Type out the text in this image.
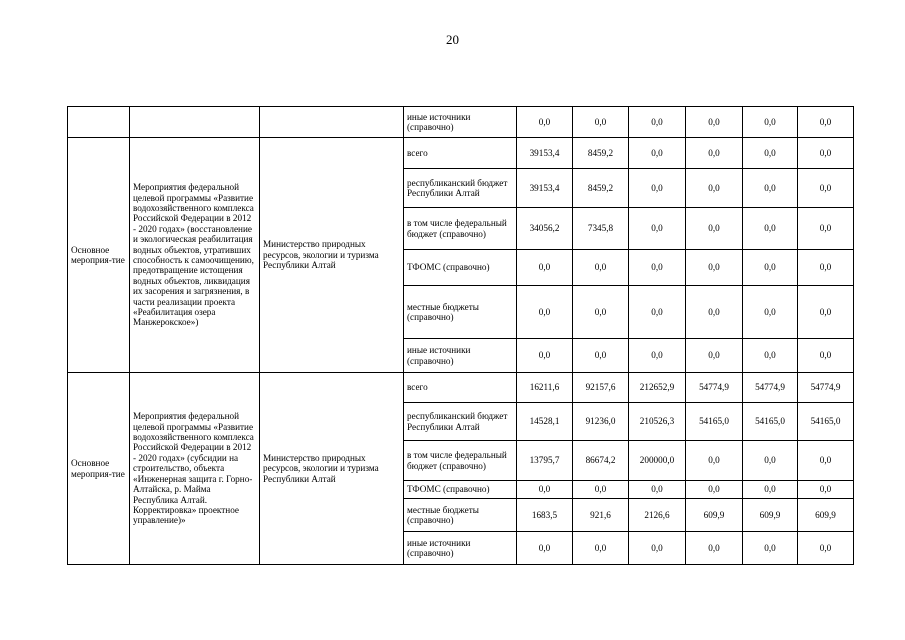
20
			иные источники (справочно)	0,0	0,0	0,0	0,0	0,0	0,0
Основное мероприя-тие	Мероприятия федеральной целевой программы «Развитие водохозяйственного комплекса Российской Федерации в 2012 - 2020 годах» (восстановление и экологическая реабилитация водных объектов, утративших способность к самоочищению, предотвращение истощения водных объектов, ликвидация их засорения и загрязнения, в части реализации проекта «Реабилитация озера Манжерокское»)	Министерство природных ресурсов, экологии и туризма Республики Алтай	всего	39153,4	8459,2	0,0	0,0	0,0	0,0
			республиканский бюджет Республики Алтай	39153,4	8459,2	0,0	0,0	0,0	0,0
			в том числе федеральный бюджет (справочно)	34056,2	7345,8	0,0	0,0	0,0	0,0
			ТФОМС (справочно)	0,0	0,0	0,0	0,0	0,0	0,0
			местные бюджеты (справочно)	0,0	0,0	0,0	0,0	0,0	0,0
			иные источники (справочно)	0,0	0,0	0,0	0,0	0,0	0,0
Основное мероприя-тие	Мероприятия федеральной целевой программы «Развитие водохозяйственного комплекса Российской Федерации в 2012 - 2020 годах» (субсидии на строительство, объекта «Инженерная защита г. Горно-Алтайска, р. Майма Республика Алтай. Корректировка» проектное управление)»	Министерство природных ресурсов, экологии и туризма Республики Алтай	всего	16211,6	92157,6	212652,9	54774,9	54774,9	54774,9
			республиканский бюджет Республики Алтай	14528,1	91236,0	210526,3	54165,0	54165,0	54165,0
			в том числе федеральный бюджет (справочно)	13795,7	86674,2	200000,0	0,0	0,0	0,0
			ТФОМС (справочно)	0,0	0,0	0,0	0,0	0,0	0,0
			местные бюджеты (справочно)	1683,5	921,6	2126,6	609,9	609,9	609,9
			иные источники (справочно)	0,0	0,0	0,0	0,0	0,0	0,0
